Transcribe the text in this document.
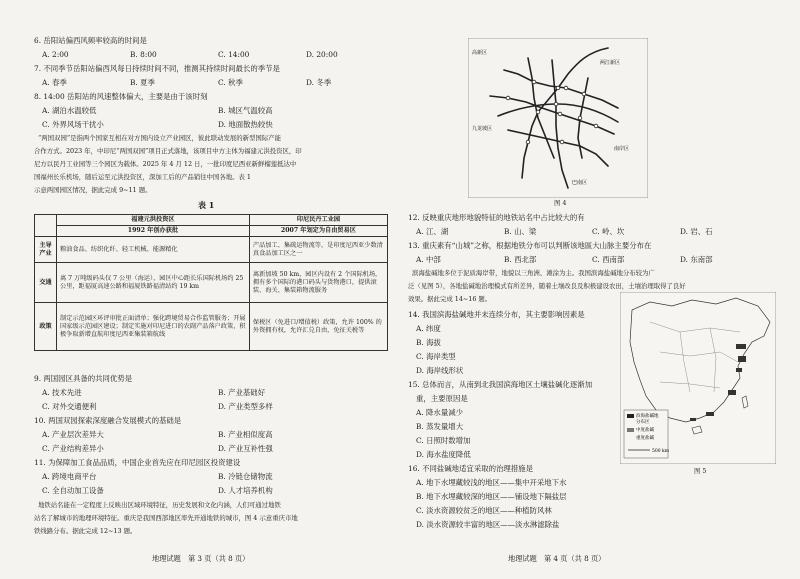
6. 岳阳站偏西风频率较高的时间是
A. 2:00	B. 8:00	C. 14:00	D. 20:00
7. 不同季节岳阳站偏西风每日持续时间不同，推测其持续时间最长的季节是
A. 春季	B. 夏季	C. 秋季	D. 冬季
8. 14:00 岳阳站的风速整体偏大，主要是由于该时刻
A. 湖泊水温较低	B. 城区气温较高
C. 外界风场干扰小	D. 地面散热较快
“两国双园”是指两个国家互相在对方国内设立产业园区，彼此联动发展的新型国际产能
合作方式。2023 年，中印尼“两国双园”项目正式落地，该项目中方主体为福建元洪投资区，印
尼方以民丹工业园等三个园区为载体。2025 年 4 月 12 日，一批印度尼西亚新鲜榴莲抵达中
国福州长乐机场，随后运至元洪投资区，深加工后的产品销往中国各地。表 1
示意两国园区情况，据此完成 9~11 题。
表 1
	福建元洪投资区	印尼民丹工业园
	1992 年创办获批	2007 年划定为自由贸易区
主导产业	粮油食品、纺织化纤、轻工机械、能源精化	产品加工、集疏运物流等，是印度尼西亚少数清真食品加工区之一
交通	离 7 万吨级码头仅 7 公里（海运），园区中心距长乐国际机场约 25 公里，距福厦高速公路和福厦铁路福清站约 19 km	离新加坡 50 km，园区内设有 2 个国际机场，拥有多个国际的港口码头与货物港口，提供滚装、海关、集装箱物流服务
政策	制定示范园区环评审批正面清单；强化跨境贸易合作监管服务；开展国家级示范园区建设；制定实施对印尼进口的农副产品落户政策，积极争取新增直航印度尼西亚集装箱航线	保税区（免进口/增值税）政策，允许 100% 的外资拥有权，允许汇兑自由，免征关税等
9. 两国园区具备的共同优势是
A. 技术先进	B. 产业基础好
C. 对外交通便利	D. 产业类型多样
10. 两国双园探索深度融合发展模式的基础是
A. 产业层次差异大	B. 产业相似度高
C. 产业结构差异小	D. 产业互补性强
11. 为保障加工食品品质，中国企业首先应在印尼园区投资建设
A. 跨境电商平台	B. 冷链仓储物流
C. 全自动加工设备	D. 人才培养机构
地铁站名能在一定程度上反映出区域环境特征，历史发展和文化内涵，人们可通过地铁
站名了解城市的地理环境特征。重庆是我国西部地区率先开通地铁的城市，图 4 示意重庆市地
铁线路分布。据此完成 12~13 题。
地理试题　第 3 页（共 8 页）
高新区
两江新区
九龙坡区
南岸区
巴南区
图 4
12. 反映重庆地形地貌特征的地铁站名中占比较大的有
A. 江、湖	B. 山、梁	C. 岭、坎	D. 岩、石
13. 重庆素有“山城”之称，根据地铁分布可以判断该地區大山脉主要分布在
A. 中部	B. 西北部	C. 西南部	D. 东南部
滨海盐碱地多位于泥质海岸带，地貌以三角洲、滩涂为主。我国滨海盐碱地分布较为广
泛（见图 5），各地盐碱地治理模式有所差异，随着土壤改良及积极建设农田，土壤治理取得了良好
效果。据此完成 14~16 题。
14. 我国滨海盐碱地并未连续分布，其主要影响因素是
A. 纬度
B. 海拔
C. 海岸类型
D. 海岸线形状
15. 总体而言，从南到北我国滨海地区土壤盐碱化逐渐加
重，主要原因是
A. 降水量减少
B. 蒸发量增大
C. 日照时数增加
D. 海水盐度降低
16. 不同盐碱地适宜采取的治理措施是
A. 地下水埋藏较浅的地区——集中开采地下水
B. 地下水埋藏较深的地区——铺设地下隔盐层
C. 淡水资源较贫乏的地区——种植防风林
D. 淡水资源较丰富的地区——淡水淋滤除盐
滨海盐碱地
分布区
中度盐碱
重度盐碱
500 km
图 5
地理试题　第 4 页（共 8 页）
